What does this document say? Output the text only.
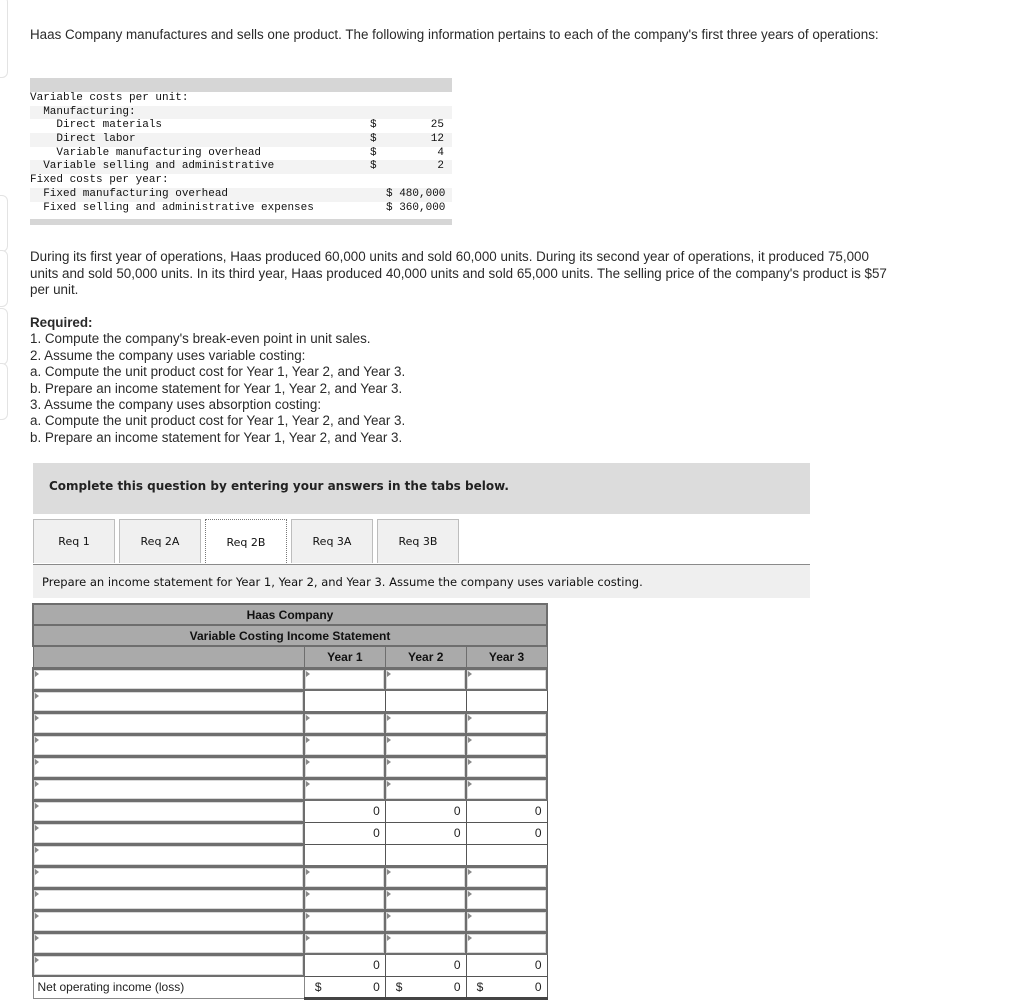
Haas Company manufactures and sells one product. The following information pertains to each of the company's first three years of operations:
Variable costs per unit:
Manufacturing:
Direct materials	$	25
Direct labor	$	12
Variable manufacturing overhead	$	4
Variable selling and administrative	$	2
Fixed costs per year:
Fixed manufacturing overhead	$ 480,000
Fixed selling and administrative expenses	$ 360,000
During its first year of operations, Haas produced 60,000 units and sold 60,000 units. During its second year of operations, it produced 75,000 units and sold 50,000 units. In its third year, Haas produced 40,000 units and sold 65,000 units. The selling price of the company's product is $57 per unit.
Required:
1. Compute the company's break-even point in unit sales.
2. Assume the company uses variable costing:
a. Compute the unit product cost for Year 1, Year 2, and Year 3.
b. Prepare an income statement for Year 1, Year 2, and Year 3.
3. Assume the company uses absorption costing:
a. Compute the unit product cost for Year 1, Year 2, and Year 3.
b. Prepare an income statement for Year 1, Year 2, and Year 3.
Complete this question by entering your answers in the tabs below.
Req 1	Req 2A	Req 2B	Req 3A	Req 3B
Prepare an income statement for Year 1, Year 2, and Year 3. Assume the company uses variable costing.
Haas Company			
Variable Costing Income Statement			
	Year 1	Year 2	Year 3

	0	0	0
	0	0	0

	0	0	0
Net operating income (loss)	$ 0	$ 0	$ 0
